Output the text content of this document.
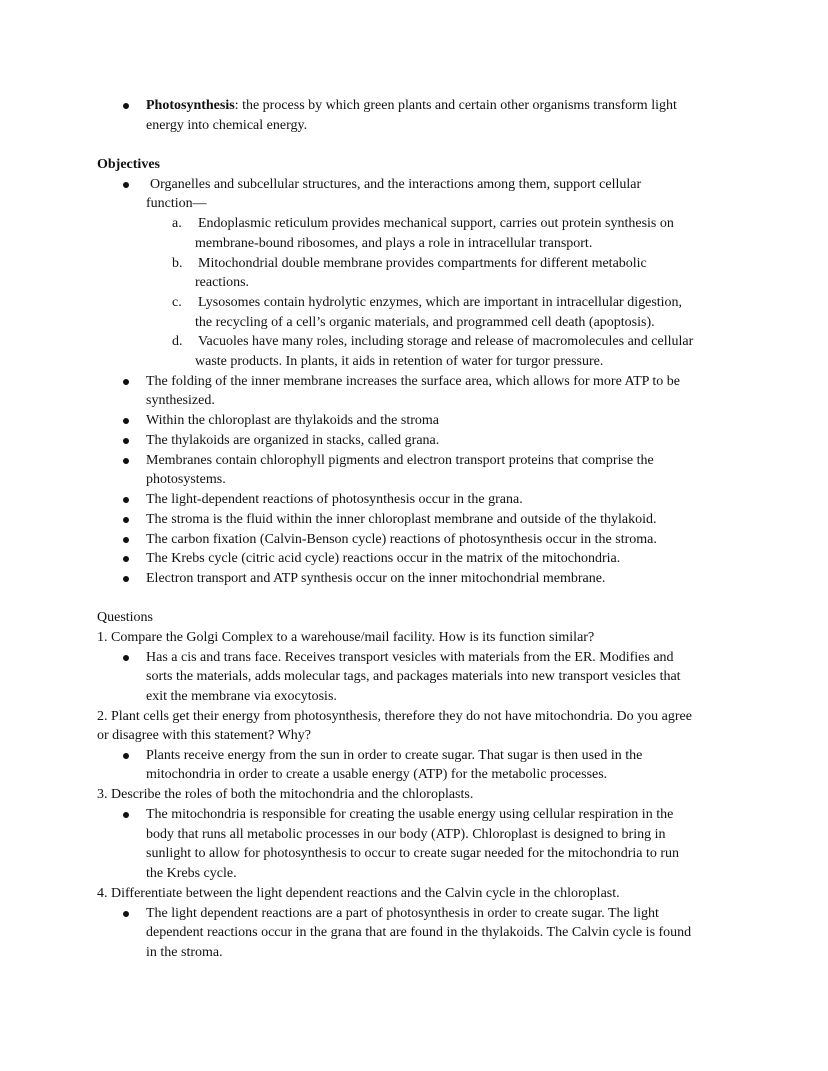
Photosynthesis: the process by which green plants and certain other organisms transform light
energy into chemical energy.
Objectives
Organelles and subcellular structures, and the interactions among them, support cellular
function—
a. Endoplasmic reticulum provides mechanical support, carries out protein synthesis on
membrane-bound ribosomes, and plays a role in intracellular transport.
b. Mitochondrial double membrane provides compartments for different metabolic
reactions.
c. Lysosomes contain hydrolytic enzymes, which are important in intracellular digestion,
the recycling of a cell’s organic materials, and programmed cell death (apoptosis).
d. Vacuoles have many roles, including storage and release of macromolecules and cellular
waste products. In plants, it aids in retention of water for turgor pressure.
The folding of the inner membrane increases the surface area, which allows for more ATP to be
synthesized.
Within the chloroplast are thylakoids and the stroma
The thylakoids are organized in stacks, called grana.
Membranes contain chlorophyll pigments and electron transport proteins that comprise the
photosystems.
The light-dependent reactions of photosynthesis occur in the grana.
The stroma is the fluid within the inner chloroplast membrane and outside of the thylakoid.
The carbon fixation (Calvin-Benson cycle) reactions of photosynthesis occur in the stroma.
The Krebs cycle (citric acid cycle) reactions occur in the matrix of the mitochondria.
Electron transport and ATP synthesis occur on the inner mitochondrial membrane.
Questions
1. Compare the Golgi Complex to a warehouse/mail facility. How is its function similar?
Has a cis and trans face. Receives transport vesicles with materials from the ER. Modifies and
sorts the materials, adds molecular tags, and packages materials into new transport vesicles that
exit the membrane via exocytosis.
2. Plant cells get their energy from photosynthesis, therefore they do not have mitochondria. Do you agree
or disagree with this statement? Why?
Plants receive energy from the sun in order to create sugar. That sugar is then used in the
mitochondria in order to create a usable energy (ATP) for the metabolic processes.
3. Describe the roles of both the mitochondria and the chloroplasts.
The mitochondria is responsible for creating the usable energy using cellular respiration in the
body that runs all metabolic processes in our body (ATP). Chloroplast is designed to bring in
sunlight to allow for photosynthesis to occur to create sugar needed for the mitochondria to run
the Krebs cycle.
4. Differentiate between the light dependent reactions and the Calvin cycle in the chloroplast.
The light dependent reactions are a part of photosynthesis in order to create sugar. The light
dependent reactions occur in the grana that are found in the thylakoids. The Calvin cycle is found
in the stroma.
